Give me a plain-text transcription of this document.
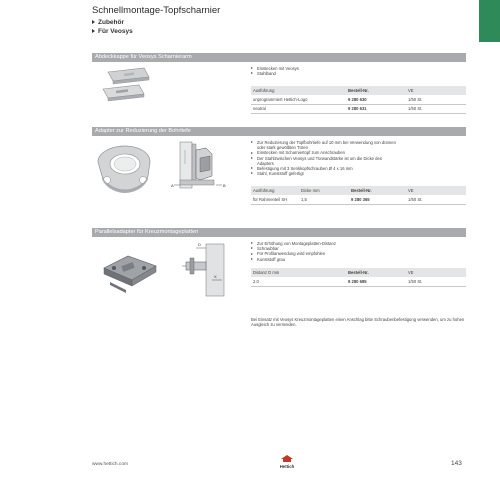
Schnellmontage-Topfscharnier
Zubehör
Für Veosys
Abdeckkappe für Veosys Scharnierarm
Einstecken mit Veosys
Stahlband
Ausführung	Bestell-Nr.	VE
unprogrammiert Hettich-Logo	9 280 630	1/50 St.
neutral	9 280 631	1/50 St.
Adapter zur Reduzierung der Bohrtiefe
A	B
Zur Reduzierung der Topfbohrtiefe auf 10 mm bei Verwendung von dünnen
oder stark gewölbten Türen
Einstecken mit Scharniertopf zum Anschrauben
Der Stahlzwischen Veosys und Türwandstärke ist um die Dicke des
Adapters
Befestigung mit 3 Senkkopfschrauben Ø 4 x 16 mm
Stahl, Kunststoff gefertigt
Ausführung	Dicke mm	Bestell-Nr.	VE
für Rahmenteil SH	1,5	9 280 365	1/50 St.
Parallelsadapter für Kreuzmontageplatten
D
X
Zur Erhöhung von Montageplatten-Distanz
Schraubbar
Für Profilanwendung wird empfohlen
Kunststoff grau
Distanz D mm	Bestell-Nr.	VE
2,0	9 280 685	1/50 St.
Bei Einsatz mit Veosys Kreuzmontageplatten einen Anschlag bitte Schraubenbefestigung verwenden, um zu hohen Ausgleich zu vermeiden.
www.hettich.com	Hettich	143
